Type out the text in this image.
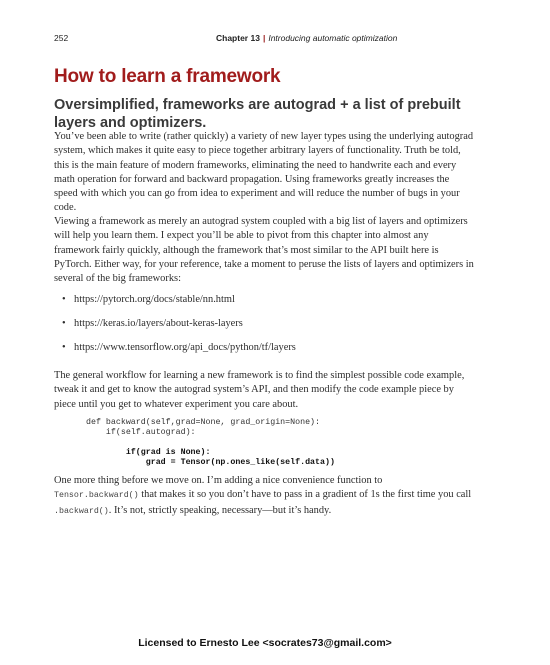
252	Chapter 13 | Introducing automatic optimization
How to learn a framework
Oversimplified, frameworks are autograd + a list of prebuilt layers and optimizers.

You’ve been able to write (rather quickly) a variety of new layer types using the underlying autograd system, which makes it quite easy to piece together arbitrary layers of functionality. Truth be told, this is the main feature of modern frameworks, eliminating the need to handwrite each and every math operation for forward and backward propagation. Using frameworks greatly increases the speed with which you can go from idea to experiment and will reduce the number of bugs in your code.

Viewing a framework as merely an autograd system coupled with a big list of layers and optimizers will help you learn them. I expect you’ll be able to pivot from this chapter into almost any framework fairly quickly, although the framework that’s most similar to the API built here is PyTorch. Either way, for your reference, take a moment to peruse the lists of layers and optimizers in several of the big frameworks:

• https://pytorch.org/docs/stable/nn.html
• https://keras.io/layers/about-keras-layers
• https://www.tensorflow.org/api_docs/python/tf/layers

The general workflow for learning a new framework is to find the simplest possible code example, tweak it and get to know the autograd system’s API, and then modify the code example piece by piece until you get to whatever experiment you care about.

def backward(self,grad=None, grad_origin=None):
if(self.autograd):
if(grad is None):
grad = Tensor(np.ones_like(self.data))

One more thing before we move on. I’m adding a nice convenience function to
Tensor.backward() that makes it so you don’t have to pass in a gradient of 1s the first time you call .backward(). It’s not, strictly speaking, necessary—but it’s handy.

Licensed to Ernesto Lee <socrates73@gmail.com>
